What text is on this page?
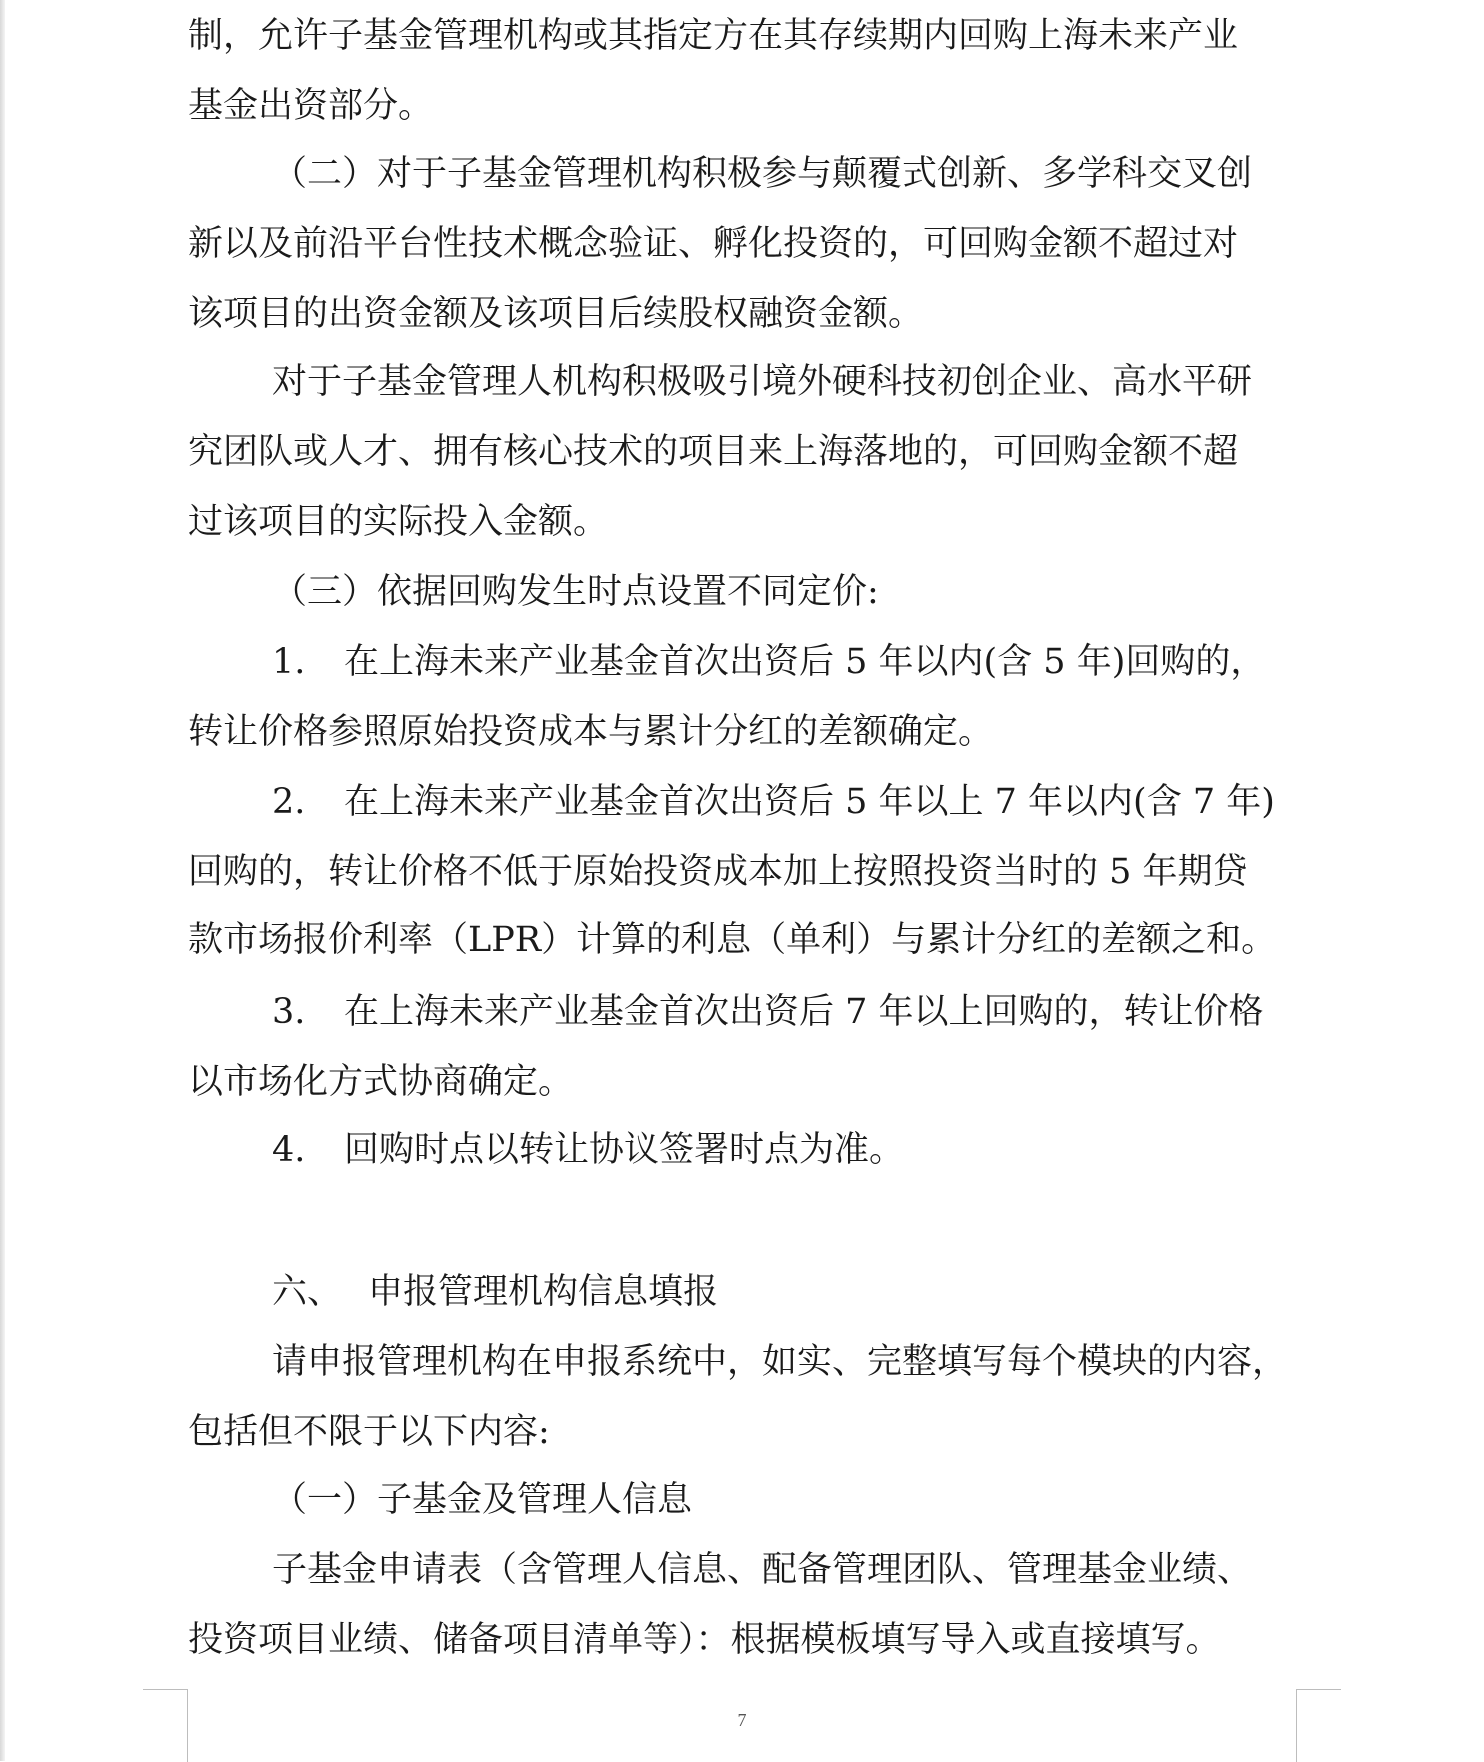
制，允许子基金管理机构或其指定方在其存续期内回购上海未来产业
基金出资部分。
（二）对于子基金管理机构积极参与颠覆式创新、多学科交叉创
新以及前沿平台性技术概念验证、孵化投资的，可回购金额不超过对
该项目的出资金额及该项目后续股权融资金额。
对于子基金管理人机构积极吸引境外硬科技初创企业、高水平研
究团队或人才、拥有核心技术的项目来上海落地的，可回购金额不超
过该项目的实际投入金额。
（三）依据回购发生时点设置不同定价:
1. 在上海未来产业基金首次出资后 5 年以内(含 5 年)回购的，
转让价格参照原始投资成本与累计分红的差额确定。
2. 在上海未来产业基金首次出资后 5 年以上 7 年以内(含 7 年)
回购的，转让价格不低于原始投资成本加上按照投资当时的 5 年期贷
款市场报价利率（LPR）计算的利息（单利）与累计分红的差额之和。
3. 在上海未来产业基金首次出资后 7 年以上回购的，转让价格
以市场化方式协商确定。
4. 回购时点以转让协议签署时点为准。
六、 申报管理机构信息填报
请申报管理机构在申报系统中，如实、完整填写每个模块的内容，
包括但不限于以下内容:
（一）子基金及管理人信息
子基金申请表（含管理人信息、配备管理团队、管理基金业绩、
投资项目业绩、储备项目清单等）：根据模板填写导入或直接填写。
7
